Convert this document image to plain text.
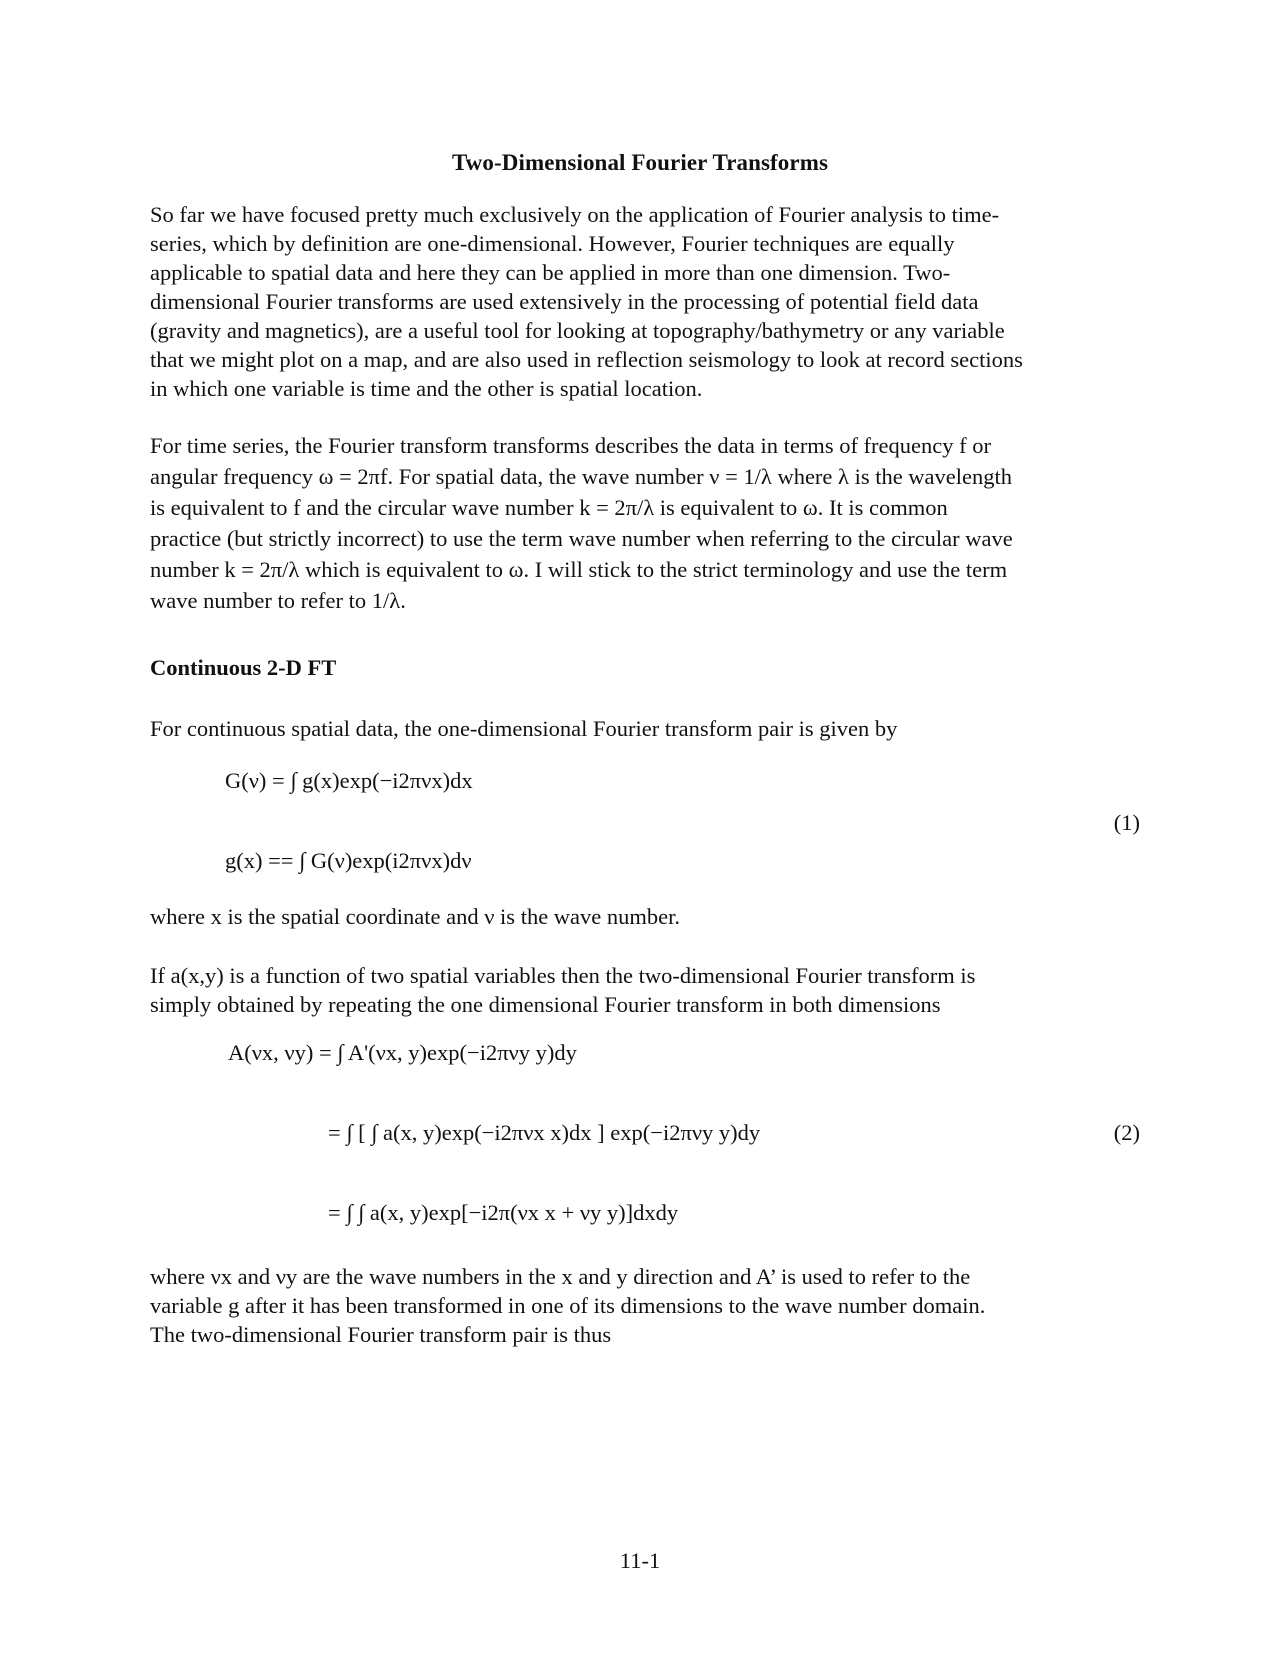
Two-Dimensional Fourier Transforms
So far we have focused pretty much exclusively on the application of Fourier analysis to time-
series, which by definition are one-dimensional. However, Fourier techniques are equally
applicable to spatial data and here they can be applied in more than one dimension. Two-
dimensional Fourier transforms are used extensively in the processing of potential field data
(gravity and magnetics), are a useful tool for looking at topography/bathymetry or any variable
that we might plot on a map, and are also used in reflection seismology to look at record sections
in which one variable is time and the other is spatial location.
For time series, the Fourier transform transforms describes the data in terms of frequency f or
angular frequency ω = 2πf. For spatial data, the wave number ν = 1/λ where λ is the wavelength
is equivalent to f and the circular wave number k = 2π/λ is equivalent to ω. It is common
practice (but strictly incorrect) to use the term wave number when referring to the circular wave
number k = 2π/λ which is equivalent to ω. I will stick to the strict terminology and use the term
wave number to refer to 1/λ.
Continuous 2-D FT
For continuous spatial data, the one-dimensional Fourier transform pair is given by
G(ν) = ∫ g(x)exp(−i2πνx)dx
g(x) == ∫ G(ν)exp(i2πνx)dν
(1)
where x is the spatial coordinate and ν is the wave number.
If a(x,y) is a function of two spatial variables then the two-dimensional Fourier transform is
simply obtained by repeating the one dimensional Fourier transform in both dimensions
A(νx, νy) = ∫ A'(νx, y)exp(−i2πνy y)dy
= ∫ [ ∫ a(x, y)exp(−i2πνx x)dx ] exp(−i2πνy y)dy
= ∫ ∫ a(x, y)exp[−i2π(νx x + νy y)]dxdy
(2)
where νx and νy are the wave numbers in the x and y direction and A’ is used to refer to the
variable g after it has been transformed in one of its dimensions to the wave number domain.
The two-dimensional Fourier transform pair is thus
11-1
